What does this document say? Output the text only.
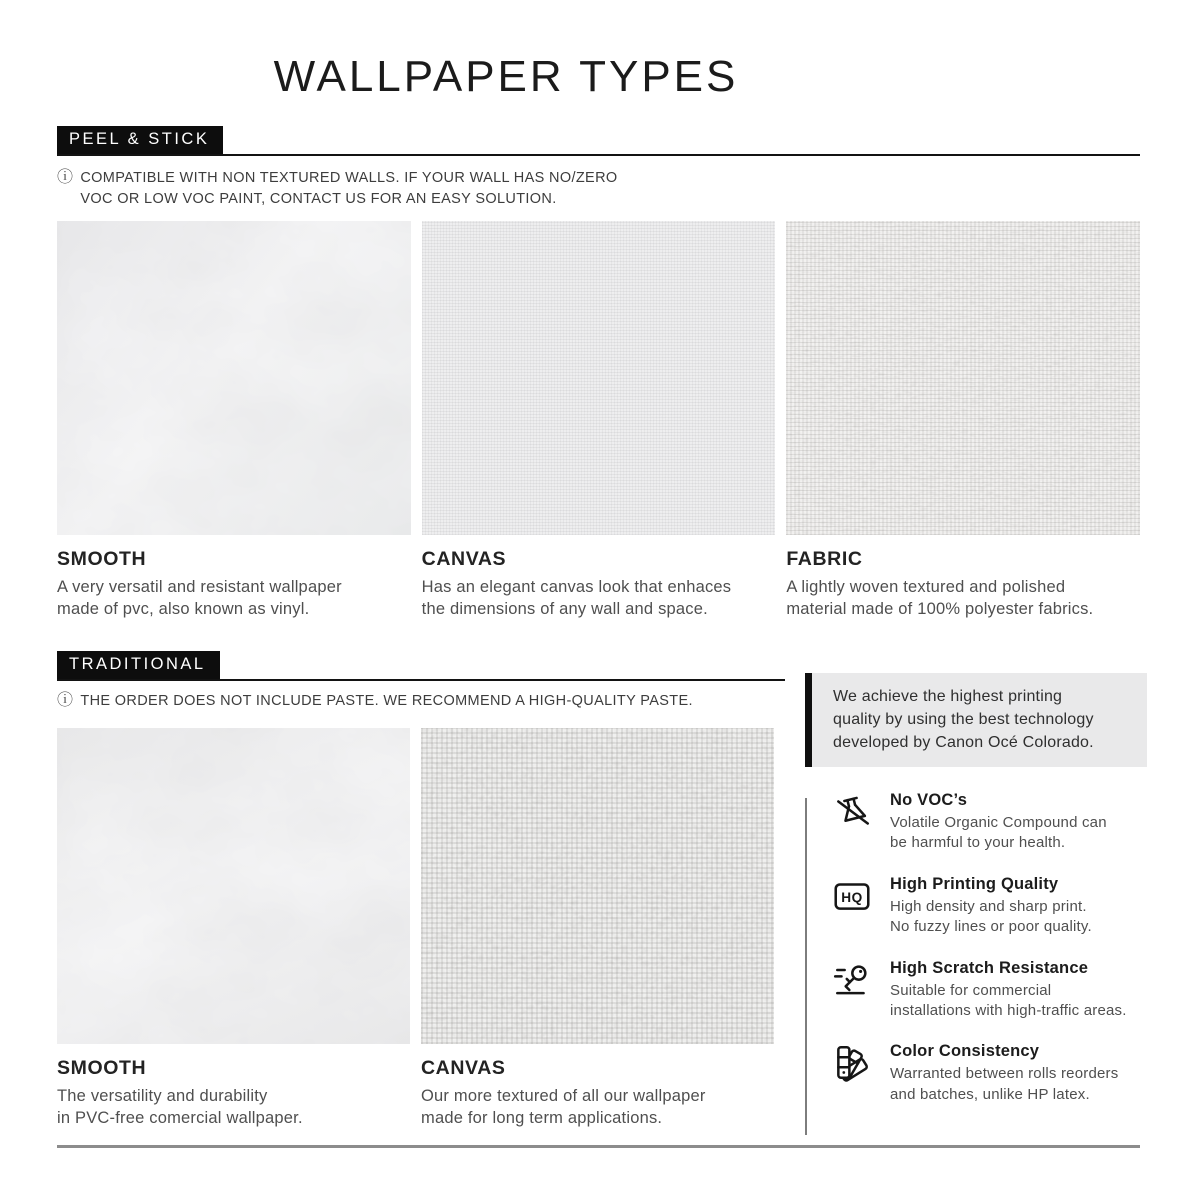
WALLPAPER TYPES
PEEL & STICK
ⓘ COMPATIBLE WITH NON TEXTURED WALLS. IF YOUR WALL HAS NO/ZERO
VOC OR LOW VOC PAINT, CONTACT US FOR AN EASY SOLUTION.
SMOOTH
A very versatil and resistant wallpaper
made of pvc, also known as vinyl.
CANVAS
Has an elegant canvas look that enhaces
the dimensions of any wall and space.
FABRIC
A lightly woven textured and polished
material made of 100% polyester fabrics.
TRADITIONAL
ⓘ THE ORDER DOES NOT INCLUDE PASTE. WE RECOMMEND A HIGH-QUALITY PASTE.
SMOOTH
The versatility and durability
in PVC-free comercial wallpaper.
CANVAS
Our more textured of all our wallpaper
made for long term applications.
We achieve the highest printing
quality by using the best technology
developed by Canon Océ Colorado.
No VOC’s
Volatile Organic Compound can
be harmful to your health.
HQ
High Printing Quality
High density and sharp print.
No fuzzy lines or poor quality.
High Scratch Resistance
Suitable for commercial
installations with high-traffic areas.
Color Consistency
Warranted between rolls reorders
and batches, unlike HP latex.
